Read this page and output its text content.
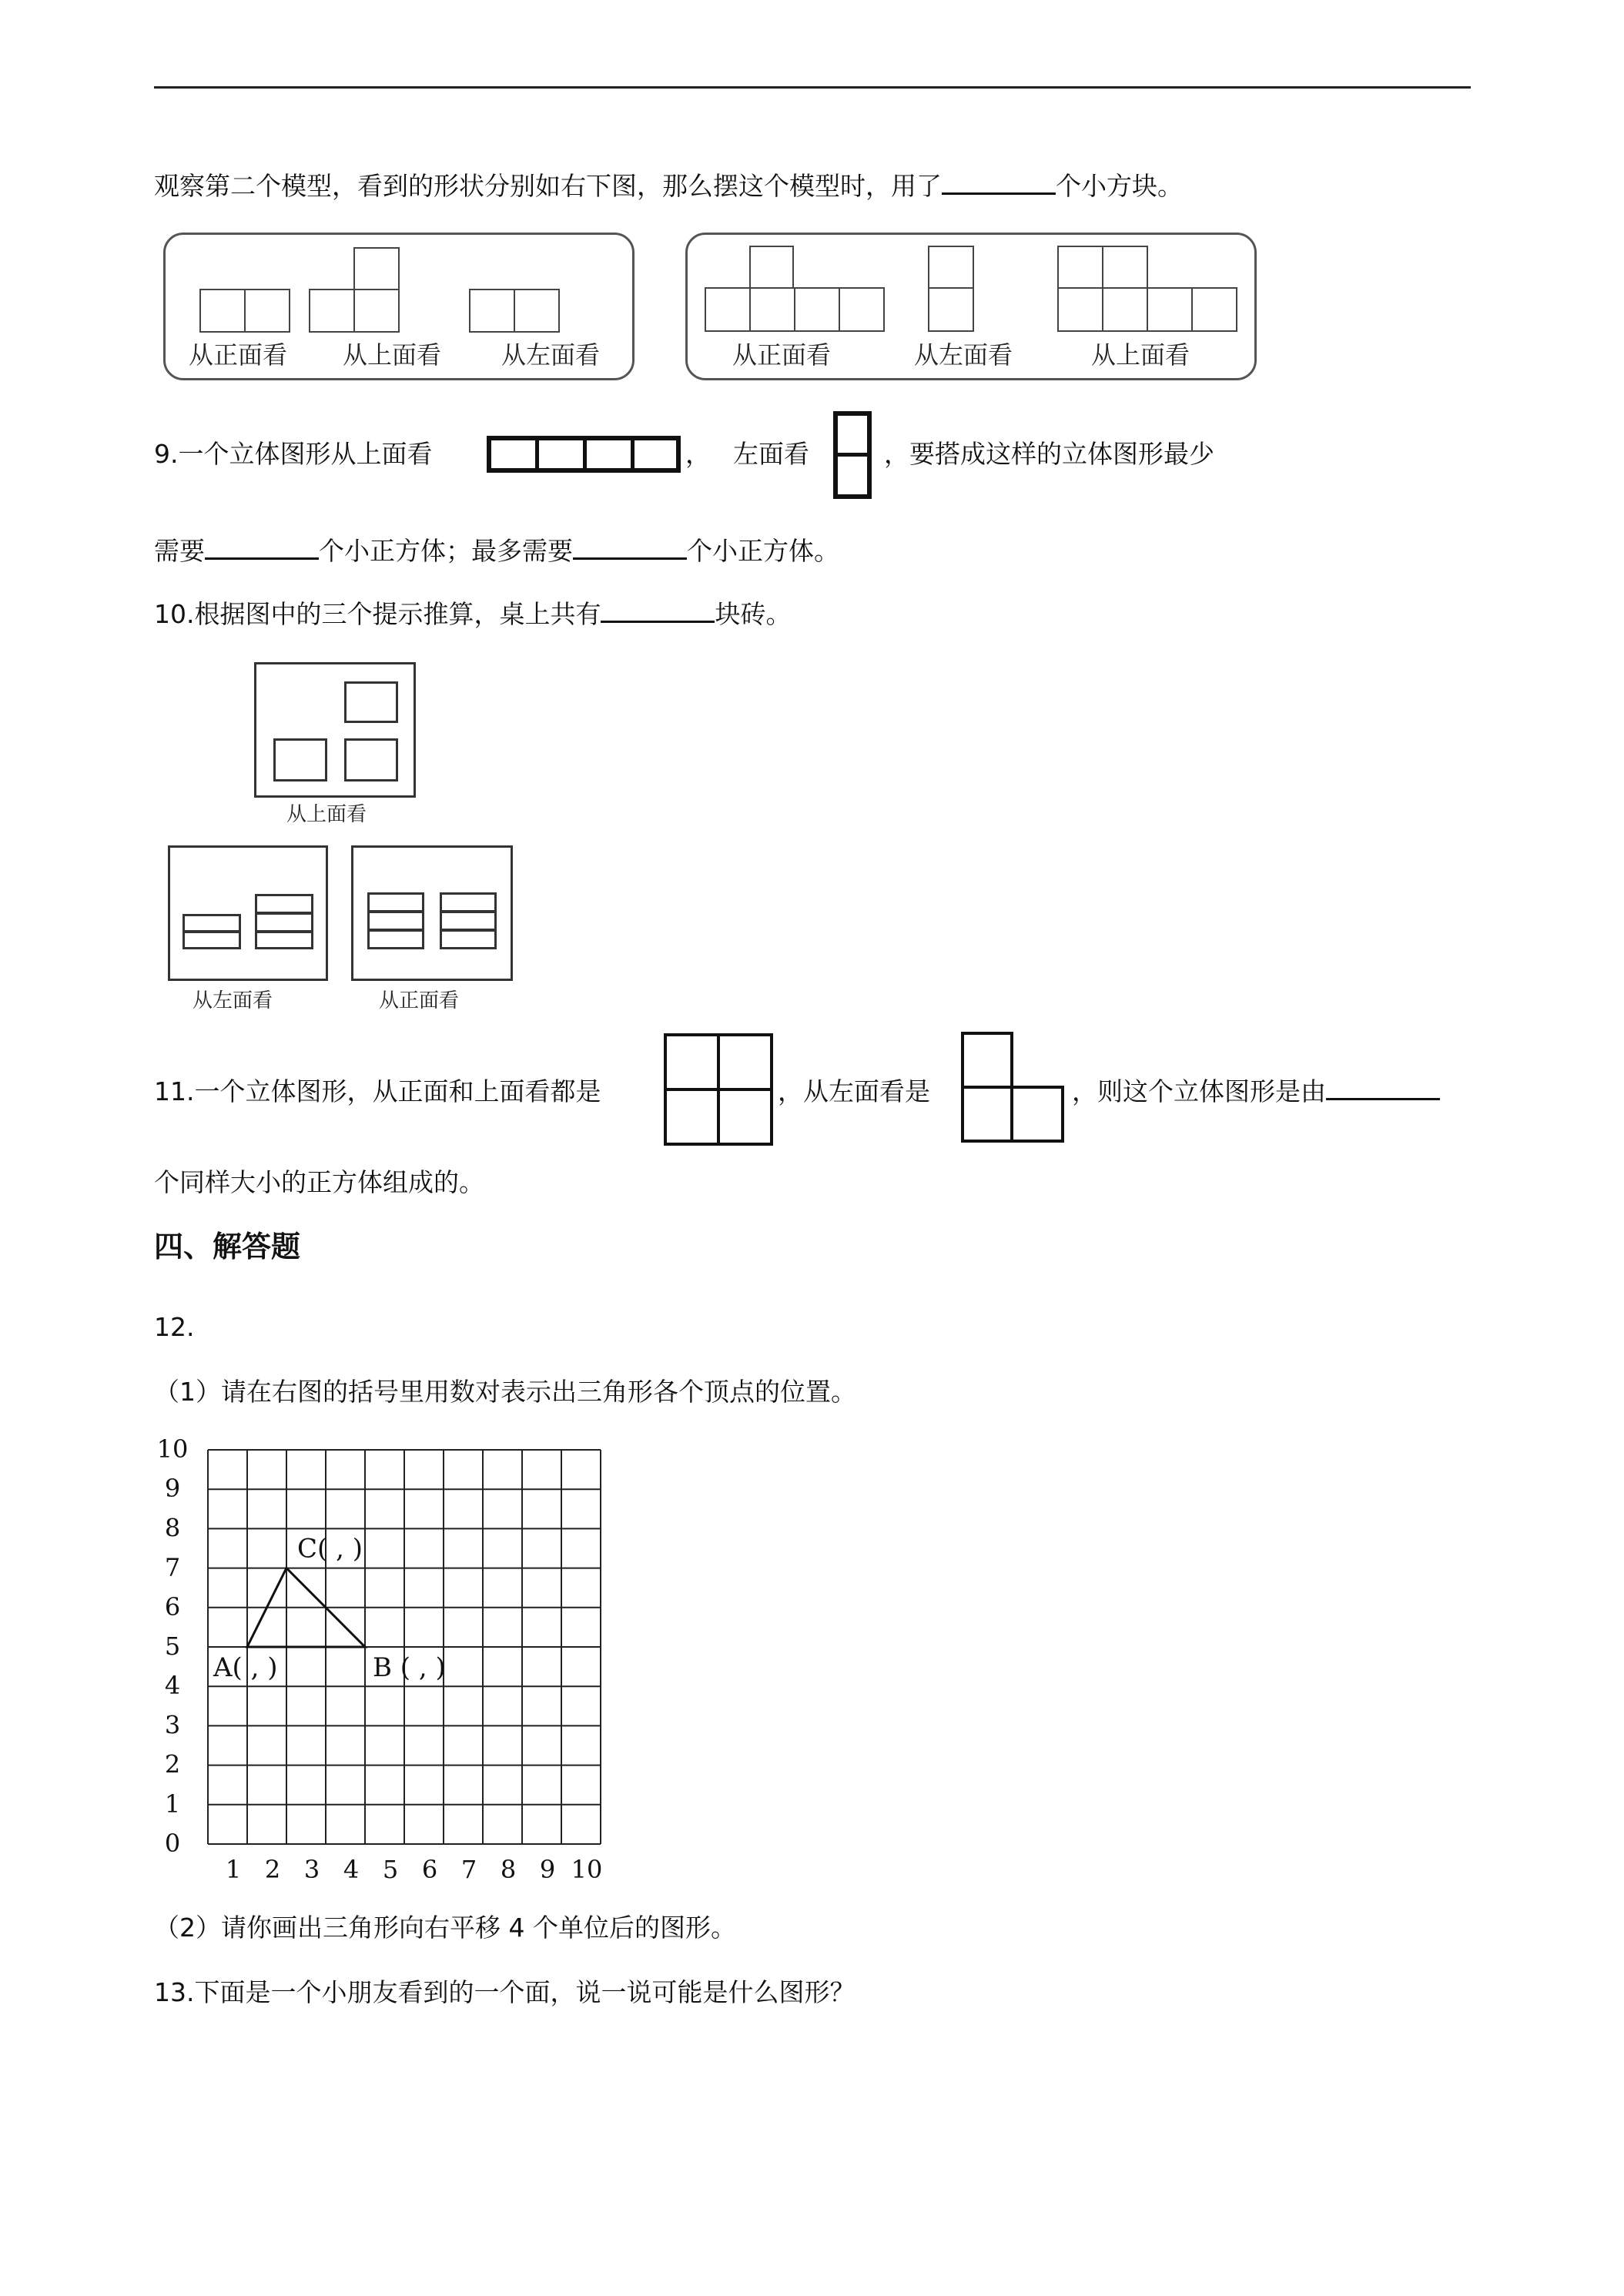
观察第二个模型，看到的形状分别如右下图，那么摆这个模型时，用了	个小方块。
从正面看 从上面看 从左面看	从正面看	从左面看	从上面看
9.一个立体图形从上面看	， 左面看	，要搭成这样的立体图形最少
需要	个小正方体；最多需要	个小正方体。
10.根据图中的三个提示推算，桌上共有	块砖。
从上面看
从左面看	从正面看
11.一个立体图形，从正面和上面看都是	，从左面看是	，则这个立体图形是由
个同样大小的正方体组成的。
四、解答题
12.
（1）请在右图的括号里用数对表示出三角形各个顶点的位置。
0
1
2
3
4
5
6
7
8
9
10
1 2 3 4 5 6 7 8 9 10
A( , )	B ( , )
C( , )
（2）请你画出三角形向右平移 4 个单位后的图形。
13.下面是一个小朋友看到的一个面，说一说可能是什么图形？
